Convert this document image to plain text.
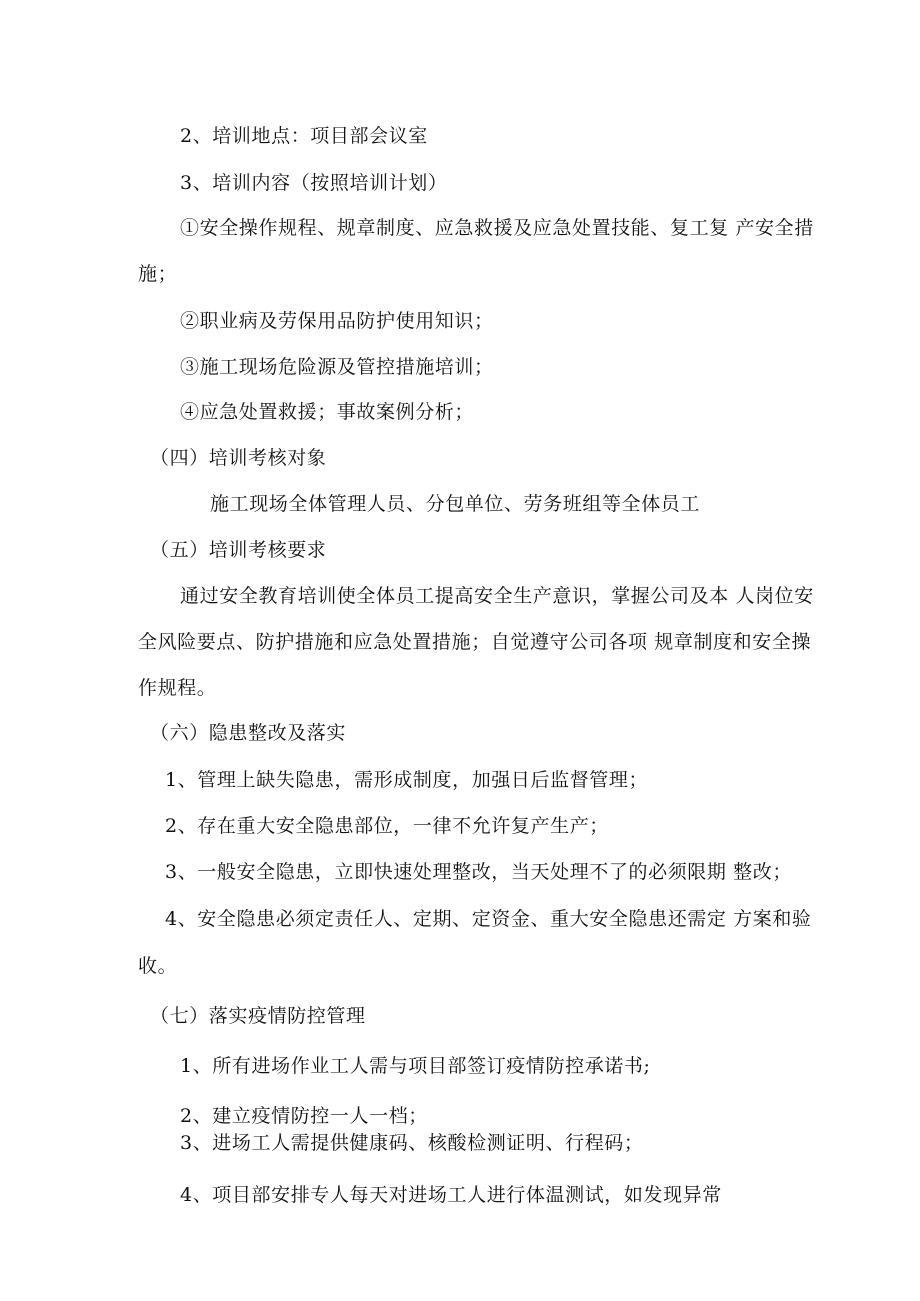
2、培训地点：项目部会议室

3、培训内容（按照培训计划）

①安全操作规程、规章制度、应急救援及应急处置技能、复工复 产安全措

施；

②职业病及劳保用品防护使用知识；

③施工现场危险源及管控措施培训；

④应急处置救援；事故案例分析；

（四）培训考核对象

施工现场全体管理人员、分包单位、劳务班组等全体员工

（五）培训考核要求

通过安全教育培训使全体员工提高安全生产意识，掌握公司及本 人岗位安

全风险要点、防护措施和应急处置措施；自觉遵守公司各项 规章制度和安全操

作规程。

（六）隐患整改及落实

1、管理上缺失隐患，需形成制度，加强日后监督管理；

2、存在重大安全隐患部位，一律不允许复产生产；

3、一般安全隐患，立即快速处理整改，当天处理不了的必须限期 整改；

4、安全隐患必须定责任人、定期、定资金、重大安全隐患还需定 方案和验

收。

（七）落实疫情防控管理

1、所有进场作业工人需与项目部签订疫情防控承诺书;

2、建立疫情防控一人一档；

3、进场工人需提供健康码、核酸检测证明、行程码；

4、项目部安排专人每天对进场工人进行体温测试，如发现异常
